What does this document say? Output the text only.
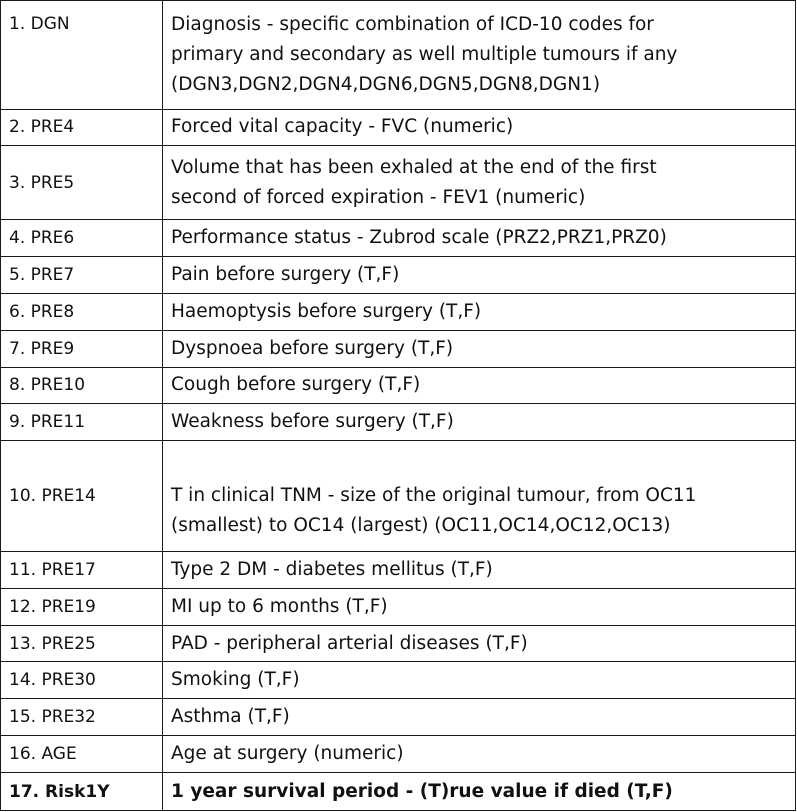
1. DGN	Diagnosis - specific combination of ICD-10 codes for
primary and secondary as well multiple tumours if any
(DGN3,DGN2,DGN4,DGN6,DGN5,DGN8,DGN1)
2. PRE4	Forced vital capacity - FVC (numeric)
3. PRE5	Volume that has been exhaled at the end of the first
second of forced expiration - FEV1 (numeric)
4. PRE6	Performance status - Zubrod scale (PRZ2,PRZ1,PRZ0)
5. PRE7	Pain before surgery (T,F)
6. PRE8	Haemoptysis before surgery (T,F)
7. PRE9	Dyspnoea before surgery (T,F)
8. PRE10	Cough before surgery (T,F)
9. PRE11	Weakness before surgery (T,F)
10. PRE14	T in clinical TNM - size of the original tumour, from OC11
(smallest) to OC14 (largest) (OC11,OC14,OC12,OC13)
11. PRE17	Type 2 DM - diabetes mellitus (T,F)
12. PRE19	MI up to 6 months (T,F)
13. PRE25	PAD - peripheral arterial diseases (T,F)
14. PRE30	Smoking (T,F)
15. PRE32	Asthma (T,F)
16. AGE	Age at surgery (numeric)
17. Risk1Y	1 year survival period - (T)rue value if died (T,F)
